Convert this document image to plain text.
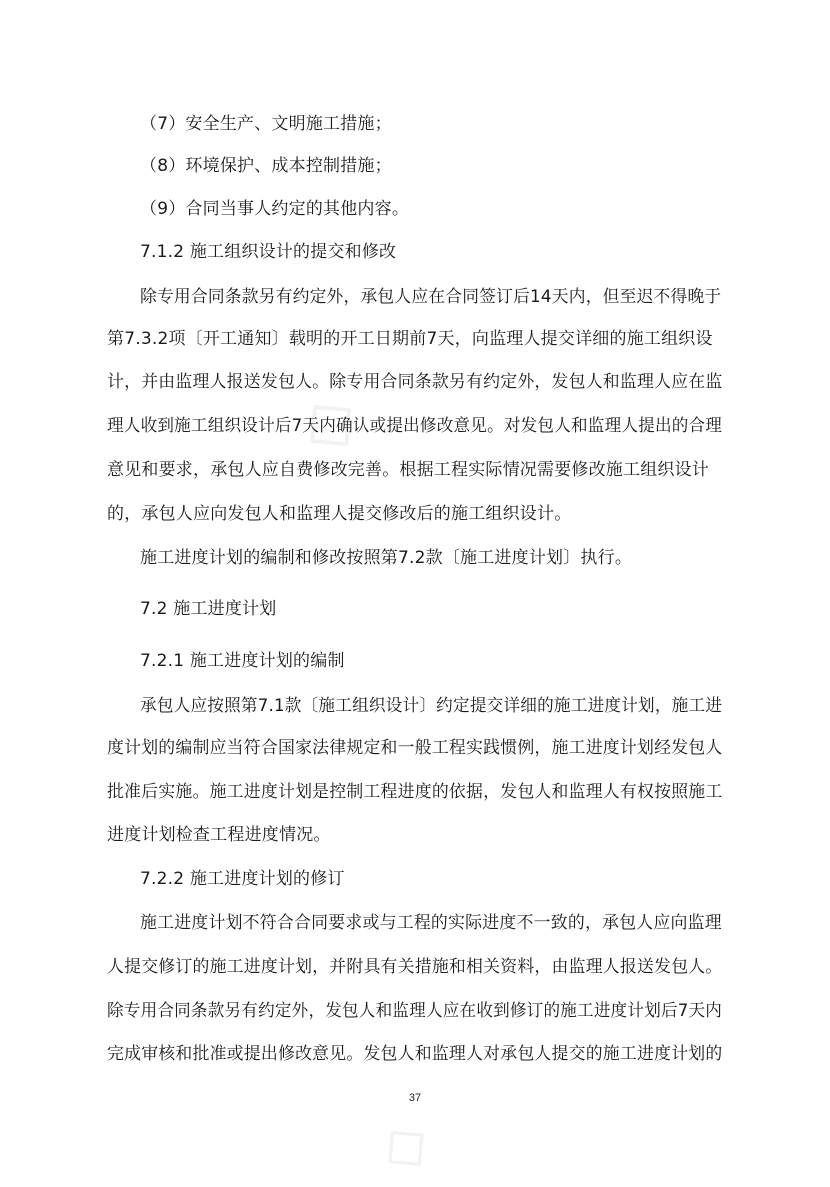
◇
◇
（7）安全生产、文明施工措施；
（8）环境保护、成本控制措施；
（9）合同当事人约定的其他内容。
7.1.2 施工组织设计的提交和修改
除专用合同条款另有约定外，承包人应在合同签订后14天内，但至迟不得晚于
第7.3.2项〔开工通知〕载明的开工日期前7天，向监理人提交详细的施工组织设
计，并由监理人报送发包人。除专用合同条款另有约定外，发包人和监理人应在监
理人收到施工组织设计后7天内确认或提出修改意见。对发包人和监理人提出的合理
意见和要求，承包人应自费修改完善。根据工程实际情况需要修改施工组织设计
的，承包人应向发包人和监理人提交修改后的施工组织设计。
施工进度计划的编制和修改按照第7.2款〔施工进度计划〕执行。
7.2 施工进度计划
7.2.1 施工进度计划的编制
承包人应按照第7.1款〔施工组织设计〕约定提交详细的施工进度计划，施工进
度计划的编制应当符合国家法律规定和一般工程实践惯例，施工进度计划经发包人
批准后实施。施工进度计划是控制工程进度的依据，发包人和监理人有权按照施工
进度计划检查工程进度情况。
7.2.2 施工进度计划的修订
施工进度计划不符合合同要求或与工程的实际进度不一致的，承包人应向监理
人提交修订的施工进度计划，并附具有关措施和相关资料，由监理人报送发包人。
除专用合同条款另有约定外，发包人和监理人应在收到修订的施工进度计划后7天内
完成审核和批准或提出修改意见。发包人和监理人对承包人提交的施工进度计划的
37
